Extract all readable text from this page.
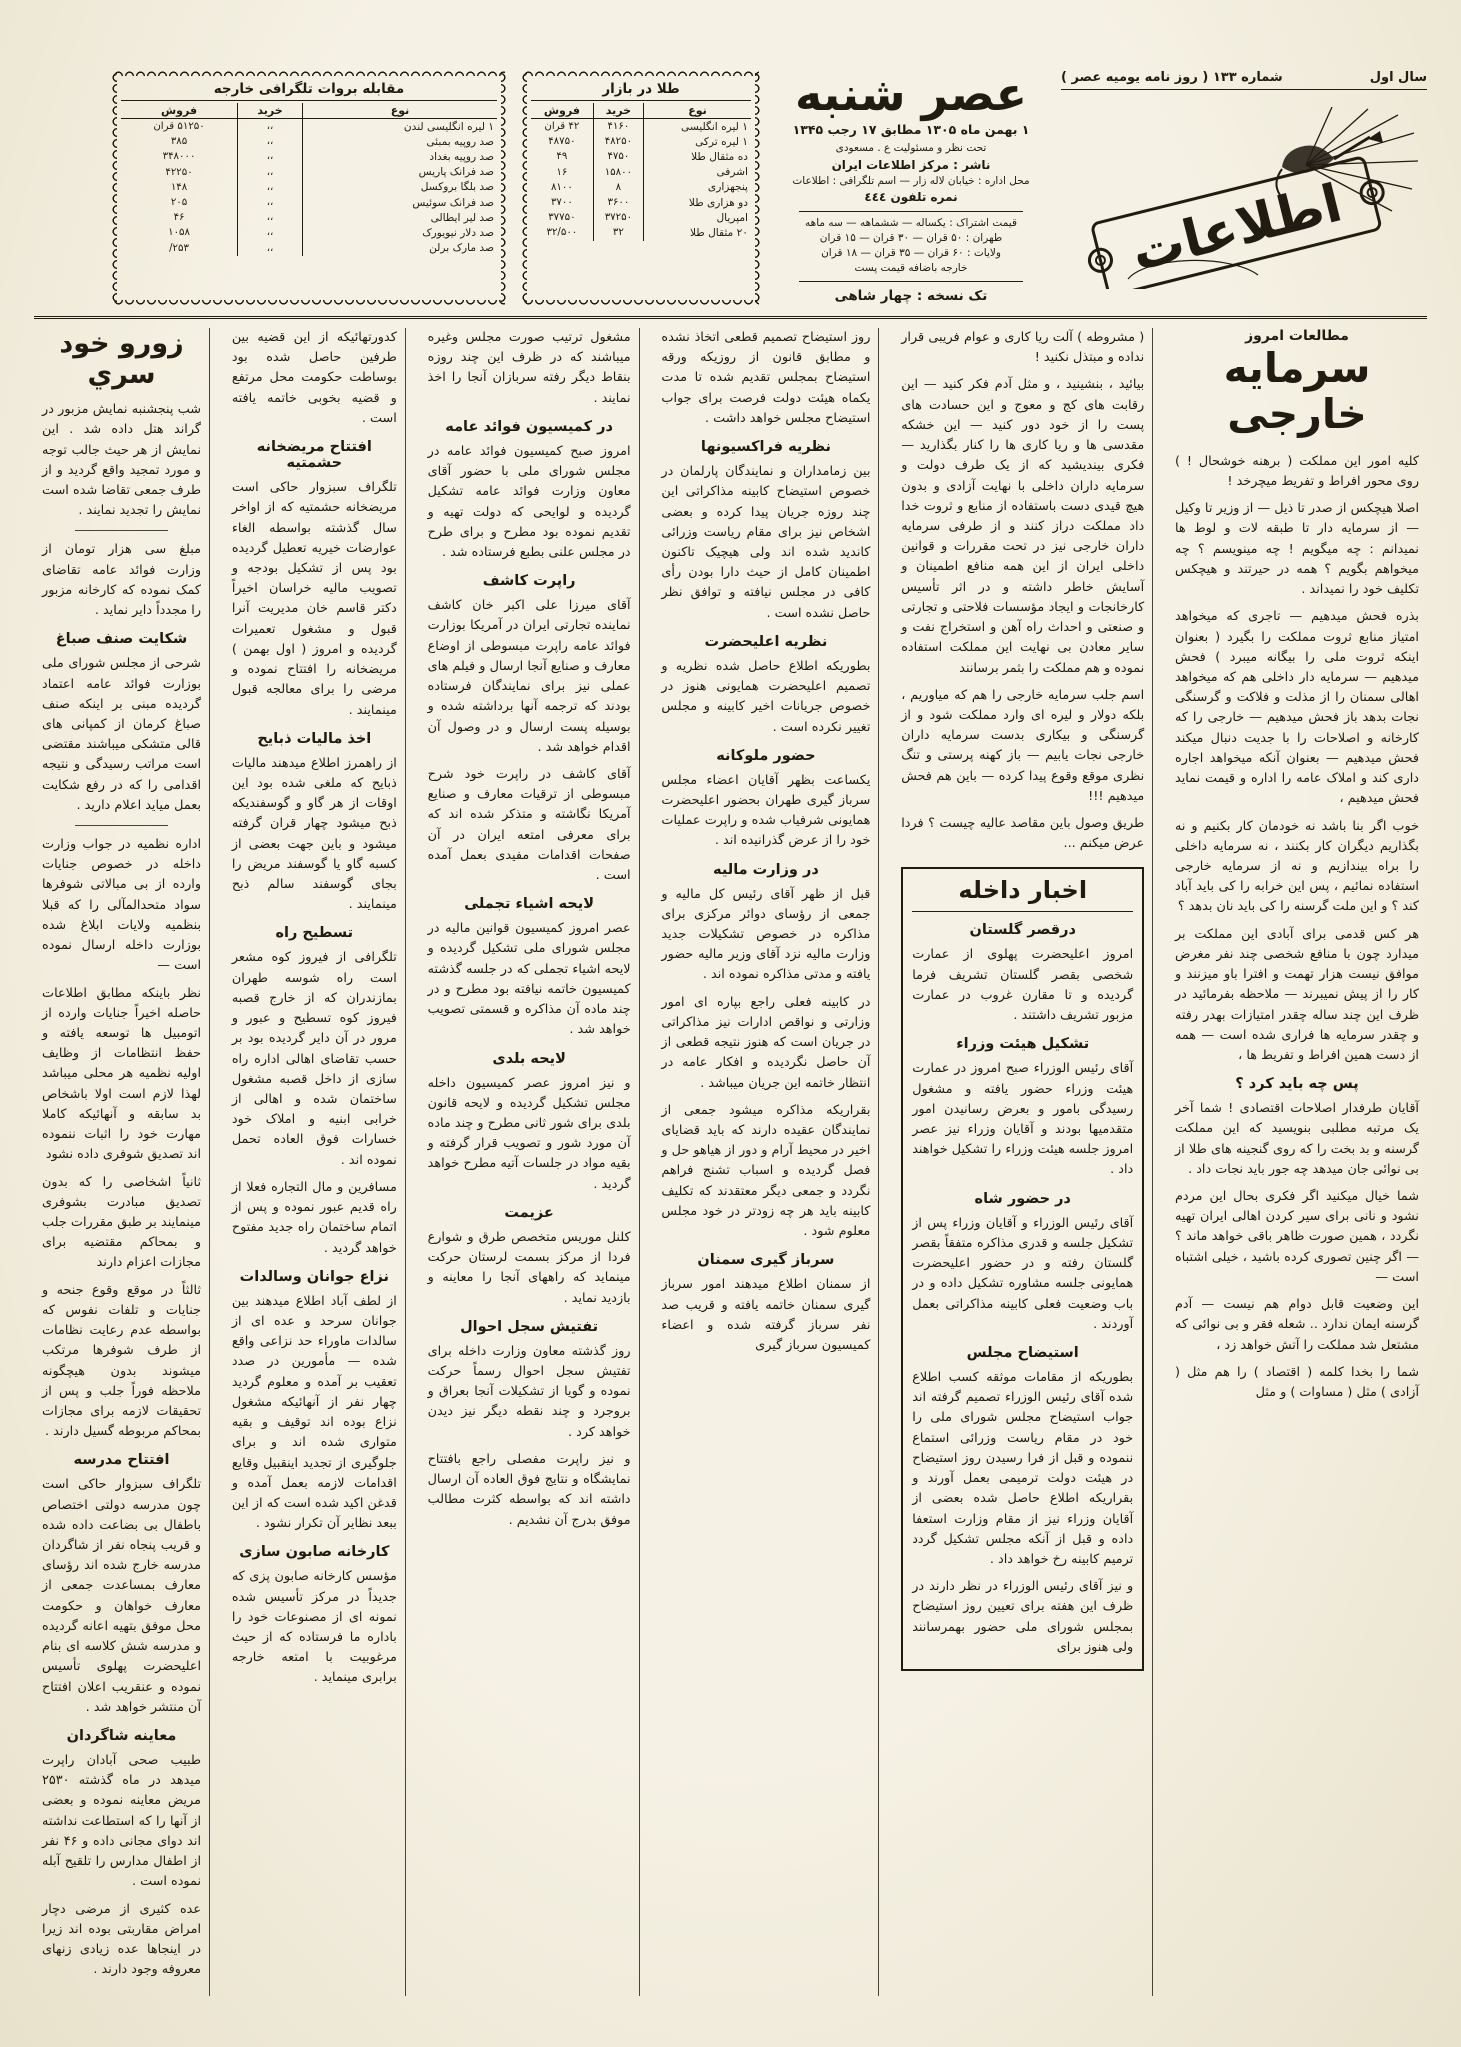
سال اول
شماره ۱۳۳ ( روز نامه یومیه عصر )
اطلاعات
عصر شنبه
۱ بهمن ماه ۱۳۰۵ مطابق ۱۷ رجب ۱۳۴۵
تحت نظر و مسئولیت ع . مسعودی
ناشر : مرکز اطلاعات ایران
محل اداره : خیابان لاله زار — اسم تلگرافی : اطلاعات
نمره تلفون ٤٤٤
قیمت اشتراک : یکساله — ششماهه — سه ماهه
طهران : ۵۰ قران — ۳۰ قران — ۱۵ قران
ولایات : ۶۰ قران — ۳۵ قران — ۱۸ قران
خارجه باضافه قیمت پست
تک نسخه : چهار شاهی
طلا در بازار
نوع	خرید	فروش
۱ لیره انگلیسی	۴۱۶۰	۴۲ قران
۱ لیره ترکی	۴۸۲۵۰	۴۸۷۵۰
ده مثقال طلا	۴۷۵۰	۴۹
اشرفی	۱۵۸۰۰	۱۶
پنجهزاری	۸	۸۱۰۰
دو هزاری طلا	۳۶۰۰	۳۷۰۰
امپریال	۳۷۲۵۰	۳۷۷۵۰
۲۰ مثقال طلا	۳۲	۳۲/۵۰۰
مقابله بروات تلگرافی خارجه
نوع	خرید	فروش
۱ لیره انگلیسی لندن	،،	۵۱۲۵۰ قران
صد روپیه بمبئی	،،	۳۸۵
صد روپیه بغداد	،،	۳۴۸۰۰۰
صد فرانک پاریس	،،	۴۲۲۵۰
صد بلگا بروکسل	،،	۱۴۸
صد فرانک سوئیس	،،	۲۰۵
صد لیر ایطالی	،،	۴۶
صد دلار نیویورک	،،	۱۰۵۸
صد مارک برلن	،،	۲۵۳/
مطالعات امروز
سرمایه خارجی

کلیه امور این مملکت ( برهنه خوشحال ! ) روی محور افراط و تفریط میچرخد !

اصلا هیچکس از صدر تا ذیل — از وزیر تا وکیل — از سرمایه دار تا طبقه لات و لوط ها نمیدانم : چه میگویم ! چه مینویسم ؟ چه میخواهم بگویم ؟ همه در حیرتند و هیچکس تکلیف خود را نمیداند .

بذره فحش میدهیم — تاجری که میخواهد امتیاز منابع ثروت مملکت را بگیرد ( بعنوان اینکه ثروت ملی را بیگانه میبرد ) فحش میدهیم — سرمایه دار داخلی هم که میخواهد اهالی سمنان را از مذلت و فلاکت و گرسنگی نجات بدهد باز فحش میدهیم — خارجی را که کارخانه و اصلاحات را با جدیت دنبال میکند فحش میدهیم — بعنوان آنکه میخواهد اجاره داری کند و املاک عامه را اداره و قیمت نماید فحش میدهیم ،

خوب اگر بنا باشد نه خودمان کار بکنیم و نه بگذاریم دیگران کار بکنند ، نه سرمایه داخلی را براه بیندازیم و نه از سرمایه خارجی استفاده نمائیم ، پس این خرابه را کی باید آباد کند ؟ و این ملت گرسنه را کی باید نان بدهد ؟

هر کس قدمی برای آبادی این مملکت بر میدارد چون با منافع شخصی چند نفر مغرض موافق نیست هزار تهمت و افترا باو میزنند و کار را از پیش نمیبرند — ملاحظه بفرمائید در ظرف این چند ساله چقدر امتیازات بهدر رفته و چقدر سرمایه ها فراری شده است — همه از دست همین افراط و تفریط ها ،

پس چه باید کرد ؟

آقایان طرفدار اصلاحات اقتصادی ! شما آخر یک مرتبه مطلبی بنویسید که این مملکت گرسنه و بد بخت را که روی گنجینه های طلا از بی نوائی جان میدهد چه جور باید نجات داد .

شما خیال میکنید اگر فکری بحال این مردم نشود و نانی برای سیر کردن اهالی ایران تهیه نگردد ، همین صورت ظاهر باقی خواهد ماند ؟ — اگر چنین تصوری کرده باشید ، خیلی اشتباه است —

این وضعیت قابل دوام هم نیست — آدم گرسنه ایمان ندارد .. شعله فقر و بی نوائی که مشتعل شد مملکت را آتش خواهد زد ،

شما را بخدا کلمه ( اقتصاد ) را هم مثل ( آزادی ) مثل ( مساوات ) و مثل

( مشروطه ) آلت ریا کاری و عوام فریبی قرار نداده و مبتذل نکنید !

بیائید ، بنشینید ، و مثل آدم فکر کنید — این رقابت های کج و معوج و این حسادت های پست را از خود دور کنید — این خشکه مقدسی ها و ریا کاری ها را کنار بگذارید — فکری بیندیشید که از یک طرف دولت و سرمایه داران داخلی با نهایت آزادی و بدون هیچ قیدی دست باستفاده از منابع و ثروت خدا داد مملکت دراز کنند و از طرفی سرمایه داران خارجی نیز در تحت مقررات و قوانین داخلی ایران از این همه منافع اطمینان و آسایش خاطر داشته و در اثر تأسیس کارخانجات و ایجاد مؤسسات فلاحتی و تجارتی و صنعتی و احداث راه آهن و استخراج نفت و سایر معادن بی نهایت این مملکت استفاده نموده و هم مملکت را بثمر برسانند

اسم جلب سرمایه خارجی را هم که میاوریم ، بلکه دولار و لیره ای وارد مملکت شود و از گرسنگی و بیکاری بدست سرمایه داران خارجی نجات یابیم — باز کهنه پرستی و تنگ نظری موقع وقوع پیدا کرده — باین هم فحش میدهیم !!!

طریق وصول باین مقاصد عالیه چیست ؟ فردا عرض میکنم ...

اخبار داخله
درقصر گلستان

امروز اعلیحضرت پهلوی از عمارت شخصی بقصر گلستان تشریف فرما گردیده و تا مقارن غروب در عمارت مزبور تشریف داشتند .

تشکیل هیئت وزراء

آقای رئیس الوزراء صبح امروز در عمارت هیئت وزراء حضور یافته و مشغول رسیدگی بامور و بعرض رسانیدن امور متقدمیها بودند و آقایان وزراء نیز عصر امروز جلسه هیئت وزراء را تشکیل خواهند داد .

در حضور شاه

آقای رئیس الوزراء و آقایان وزراء پس از تشکیل جلسه و قدری مذاکره متفقاً بقصر گلستان رفته و در حضور اعلیحضرت همایونی جلسه مشاوره تشکیل داده و در باب وضعیت فعلی کابینه مذاکراتی بعمل آوردند .

استیضاح مجلس

بطوریکه از مقامات موثقه کسب اطلاع شده آقای رئیس الوزراء تصمیم گرفته اند جواب استیضاح مجلس شورای ملی را خود در مقام ریاست وزرائی استماع ننموده و قبل از فرا رسیدن روز استیضاح در هیئت دولت ترمیمی بعمل آورند و بقراریکه اطلاع حاصل شده بعضی از آقایان وزراء نیز از مقام وزارت استعفا داده و قبل از آنکه مجلس تشکیل گردد ترمیم کابینه رخ خواهد داد .

و نیز آقای رئیس الوزراء در نظر دارند در ظرف این هفته برای تعیین روز استیضاح بمجلس شورای ملی حضور بهمرسانند ولی هنوز برای

روز استیضاح تصمیم قطعی اتخاذ نشده و مطابق قانون از روزیکه ورقه استیضاح بمجلس تقدیم شده تا مدت یکماه هیئت دولت فرصت برای جواب استیضاح مجلس خواهد داشت .

نظریه فراکسیونها

بین زمامداران و نمایندگان پارلمان در خصوص استیضاح کابینه مذاکراتی این چند روزه جریان پیدا کرده و بعضی اشخاص نیز برای مقام ریاست وزرائی کاندید شده اند ولی هیچیک تاکنون اطمینان کامل از حیث دارا بودن رأی کافی در مجلس نیافته و توافق نظر حاصل نشده است .

نظریه اعلیحضرت

بطوریکه اطلاع حاصل شده نظریه و تصمیم اعلیحضرت همایونی هنوز در خصوص جریانات اخیر کابینه و مجلس تغییر نکرده است .

حضور ملوکانه

یکساعت بظهر آقایان اعضاء مجلس سرباز گیری طهران بحضور اعلیحضرت همایونی شرفیاب شده و راپرت عملیات خود را از عرض گذرانیده اند .

در وزارت مالیه

قبل از ظهر آقای رئیس کل مالیه و جمعی از رؤسای دوائر مرکزی برای مذاکره در خصوص تشکیلات جدید وزارت مالیه نزد آقای وزیر مالیه حضور یافته و مدتی مذاکره نموده اند .

در کابینه فعلی راجع بپاره ای امور وزارتی و نواقص ادارات نیز مذاکراتی در جریان است که هنوز نتیجه قطعی از آن حاصل نگردیده و افکار عامه در انتظار خاتمه این جریان میباشد .

بقراریکه مذاکره میشود جمعی از نمایندگان عقیده دارند که باید قضایای اخیر در محیط آرام و دور از هیاهو حل و فصل گردیده و اسباب تشنج فراهم نگردد و جمعی دیگر معتقدند که تکلیف کابینه باید هر چه زودتر در خود مجلس معلوم شود .

سرباز گیری سمنان

از سمنان اطلاع میدهند امور سرباز گیری سمنان خاتمه یافته و قریب صد نفر سرباز گرفته شده و اعضاء کمیسیون سرباز گیری

مشغول ترتیب صورت مجلس وغیره میباشند که در ظرف این چند روزه بنقاط دیگر رفته سربازان آنجا را اخذ نمایند .

در کمیسیون فوائد عامه

امروز صبح کمیسیون فوائد عامه در مجلس شورای ملی با حضور آقای معاون وزارت فوائد عامه تشکیل گردیده و لوایحی که دولت تهیه و تقدیم نموده بود مطرح و برای طرح در مجلس علنی بطبع فرستاده شد .

راپرت کاشف

آقای میرزا علی اکبر خان کاشف نماینده تجارتی ایران در آمریکا بوزارت فوائد عامه راپرت مبسوطی از اوضاع معارف و صنایع آنجا ارسال و فیلم های عملی نیز برای نمایندگان فرستاده بودند که ترجمه آنها برداشته شده و بوسیله پست ارسال و در وصول آن اقدام خواهد شد .

آقای کاشف در راپرت خود شرح مبسوطی از ترقیات معارف و صنایع آمریکا نگاشته و متذکر شده اند که برای معرفی امتعه ایران در آن صفحات اقدامات مفیدی بعمل آمده است .

لایحه اشیاء تجملی

عصر امروز کمیسیون قوانین مالیه در مجلس شورای ملی تشکیل گردیده و لایحه اشیاء تجملی که در جلسه گذشته کمیسیون خاتمه نیافته بود مطرح و در چند ماده آن مذاکره و قسمتی تصویب خواهد شد .

لایحه بلدی

و نیز امروز عصر کمیسیون داخله مجلس تشکیل گردیده و لایحه قانون بلدی برای شور ثانی مطرح و چند ماده آن مورد شور و تصویب قرار گرفته و بقیه مواد در جلسات آتیه مطرح خواهد گردید .

عزیمت

کلنل موریس متخصص طرق و شوارع فردا از مرکز بسمت لرستان حرکت مینماید که راههای آنجا را معاینه و بازدید نماید .

تفتیش سجل احوال

روز گذشته معاون وزارت داخله برای تفتیش سجل احوال رسماً حرکت نموده و گویا از تشکیلات آنجا بعراق و بروجرد و چند نقطه دیگر نیز دیدن خواهد کرد .

و نیز راپرت مفصلی راجع بافتتاح نمایشگاه و نتایج فوق العاده آن ارسال داشته اند که بواسطه کثرت مطالب موفق بدرج آن نشدیم .

کدورتهائیکه از این قضیه بین طرفین حاصل شده بود بوساطت حکومت محل مرتفع و قضیه بخوبی خاتمه یافته است .

افتتاح مریضخانه حشمتیه

تلگراف سبزوار حاکی است مریضخانه حشمتیه که از اواخر سال گذشته بواسطه الغاء عوارضات خیریه تعطیل گردیده بود پس از تشکیل بودجه و تصویب مالیه خراسان اخیراً دکتر قاسم خان مدیریت آنرا قبول و مشغول تعمیرات گردیده و امروز ( اول بهمن ) مریضخانه را افتتاح نموده و مرضی را برای معالجه قبول مینمایند .

اخذ مالیات ذبایح

از راهمرز اطلاع میدهند مالیات ذبایح که ملغی شده بود این اوقات از هر گاو و گوسفندیکه ذبح میشود چهار قران گرفته میشود و باین جهت بعضی از کسبه گاو یا گوسفند مریض را بجای گوسفند سالم ذبح مینمایند .

تسطیح راه

تلگرافی از فیروز کوه مشعر است راه شوسه طهران بمازندران که از خارج قصبه فیروز کوه تسطیح و عبور و مرور در آن دایر گردیده بود بر حسب تقاضای اهالی اداره راه سازی از داخل قصبه مشغول ساختمان شده و اهالی از خرابی ابنیه و املاک خود خسارات فوق العاده تحمل نموده اند .

مسافرین و مال التجاره فعلا از راه قدیم عبور نموده و پس از اتمام ساختمان راه جدید مفتوح خواهد گردید .

نزاع جوانان وسالدات

از لطف آباد اطلاع میدهند بین جوانان سرحد و عده ای از سالدات ماوراء حد نزاعی واقع شده — مأمورین در صدد تعقیب بر آمده و معلوم گردید چهار نفر از آنهائیکه مشغول نزاع بوده اند توقیف و بقیه متواری شده اند و برای جلوگیری از تجدید اینقبیل وقایع اقدامات لازمه بعمل آمده و قدغن اکید شده است که از این ببعد نظایر آن تکرار نشود .

کارخانه صابون سازی

مؤسس کارخانه صابون پزی که جدیداً در مرکز تأسیس شده نمونه ای از مصنوعات خود را باداره ما فرستاده که از حیث مرغوبیت با امتعه خارجه برابری مینماید .

زورو خود سري

شب پنجشنبه نمایش مزبور در گراند هتل داده شد . این نمایش از هر حیث جالب توجه و مورد تمجید واقع گردید و از طرف جمعی تقاضا شده است نمایش را تجدید نمایند .

مبلغ سی هزار تومان از وزارت فوائد عامه تقاضای کمک نموده که کارخانه مزبور را مجدداً دایر نماید .

شکایت صنف صباغ

شرحی از مجلس شورای ملی بوزارت فوائد عامه اعتماد گردیده مبنی بر اینکه صنف صباغ کرمان از کمپانی های قالی متشکی میباشند مقتضی است مراتب رسیدگی و نتیجه اقدامی را که در رفع شکایت بعمل میاید اعلام دارید .

اداره نظمیه در جواب وزارت داخله در خصوص جنایات وارده از بی مبالاتی شوفرها سواد متحدالمآلی را که قبلا بنظمیه ولایات ابلاغ شده بوزارت داخله ارسال نموده است —

نظر باینکه مطابق اطلاعات حاصله اخیراً جنایات وارده از اتومبیل ها توسعه یافته و حفظ انتظامات از وظایف اولیه نظمیه هر محلی میباشد لهذا لازم است اولا باشخاص بد سابقه و آنهائیکه کاملا مهارت خود را اثبات ننموده اند تصدیق شوفری داده نشود

ثانیاً اشخاصی را که بدون تصدیق مبادرت بشوفری مینمایند بر طبق مقررات جلب و بمحاکم مقتضیه برای مجازات اعزام دارند

ثالثاً در موقع وقوع جنحه و جنایات و تلفات نفوس که بواسطه عدم رعایت نظامات از طرف شوفرها مرتکب میشوند بدون هیچگونه ملاحظه فوراً جلب و پس از تحقیقات لازمه برای مجازات بمحاکم مربوطه گسیل دارند .

افتتاح مدرسه

تلگراف سبزوار حاکی است چون مدرسه دولتی اختصاص باطفال بی بضاعت داده شده و قریب پنجاه نفر از شاگردان مدرسه خارج شده اند رؤسای معارف بمساعدت جمعی از معارف خواهان و حکومت محل موفق بتهیه اعانه گردیده و مدرسه شش کلاسه ای بنام اعلیحضرت پهلوی تأسیس نموده و عنقریب اعلان افتتاح آن منتشر خواهد شد .

معاینه شاگردان

طبیب صحی آبادان راپرت میدهد در ماه گذشته ۲۵۳۰ مریض معاینه نموده و بعضی از آنها را که استطاعت نداشته اند دوای مجانی داده و ۴۶ نفر از اطفال مدارس را تلقیح آبله نموده است .

عده کثیری از مرضی دچار امراض مقاربتی بوده اند زیرا در اینجاها عده زیادی زنهای معروفه وجود دارند .
